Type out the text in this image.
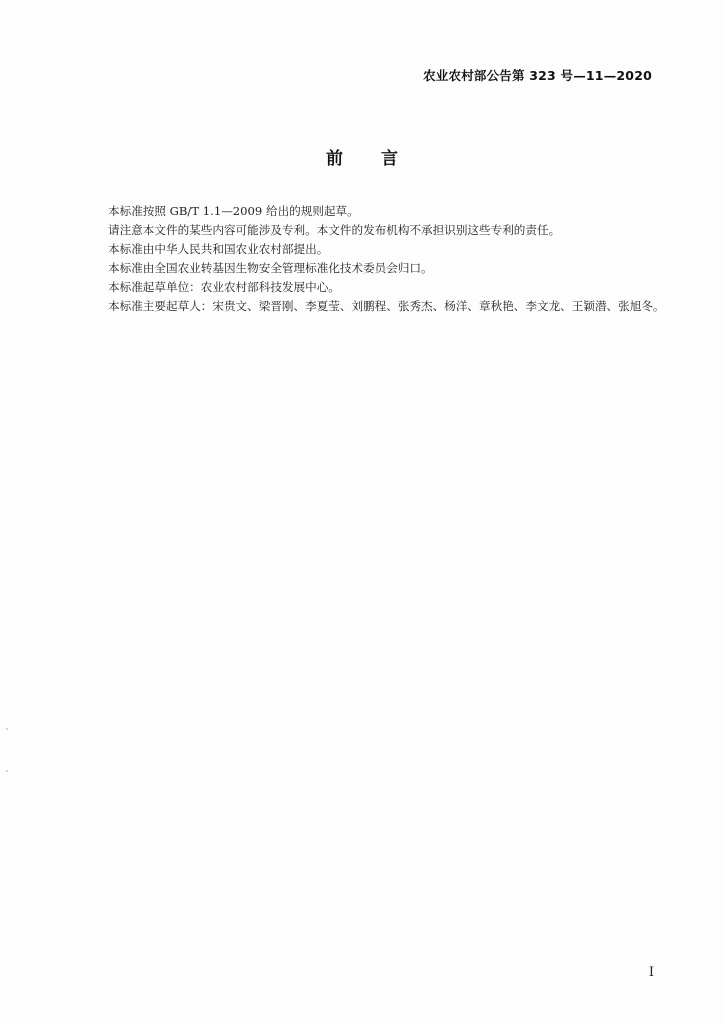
农业农村部公告第 323 号—11—2020
前言
本标准按照 GB/T 1.1—2009 给出的规则起草。
请注意本文件的某些内容可能涉及专利。本文件的发布机构不承担识别这些专利的责任。
本标准由中华人民共和国农业农村部提出。
本标准由全国农业转基因生物安全管理标准化技术委员会归口。
本标准起草单位：农业农村部科技发展中心。
本标准主要起草人：宋贵文、梁晋刚、李夏莹、刘鹏程、张秀杰、杨洋、章秋艳、李文龙、王颖潜、张旭冬。
I
